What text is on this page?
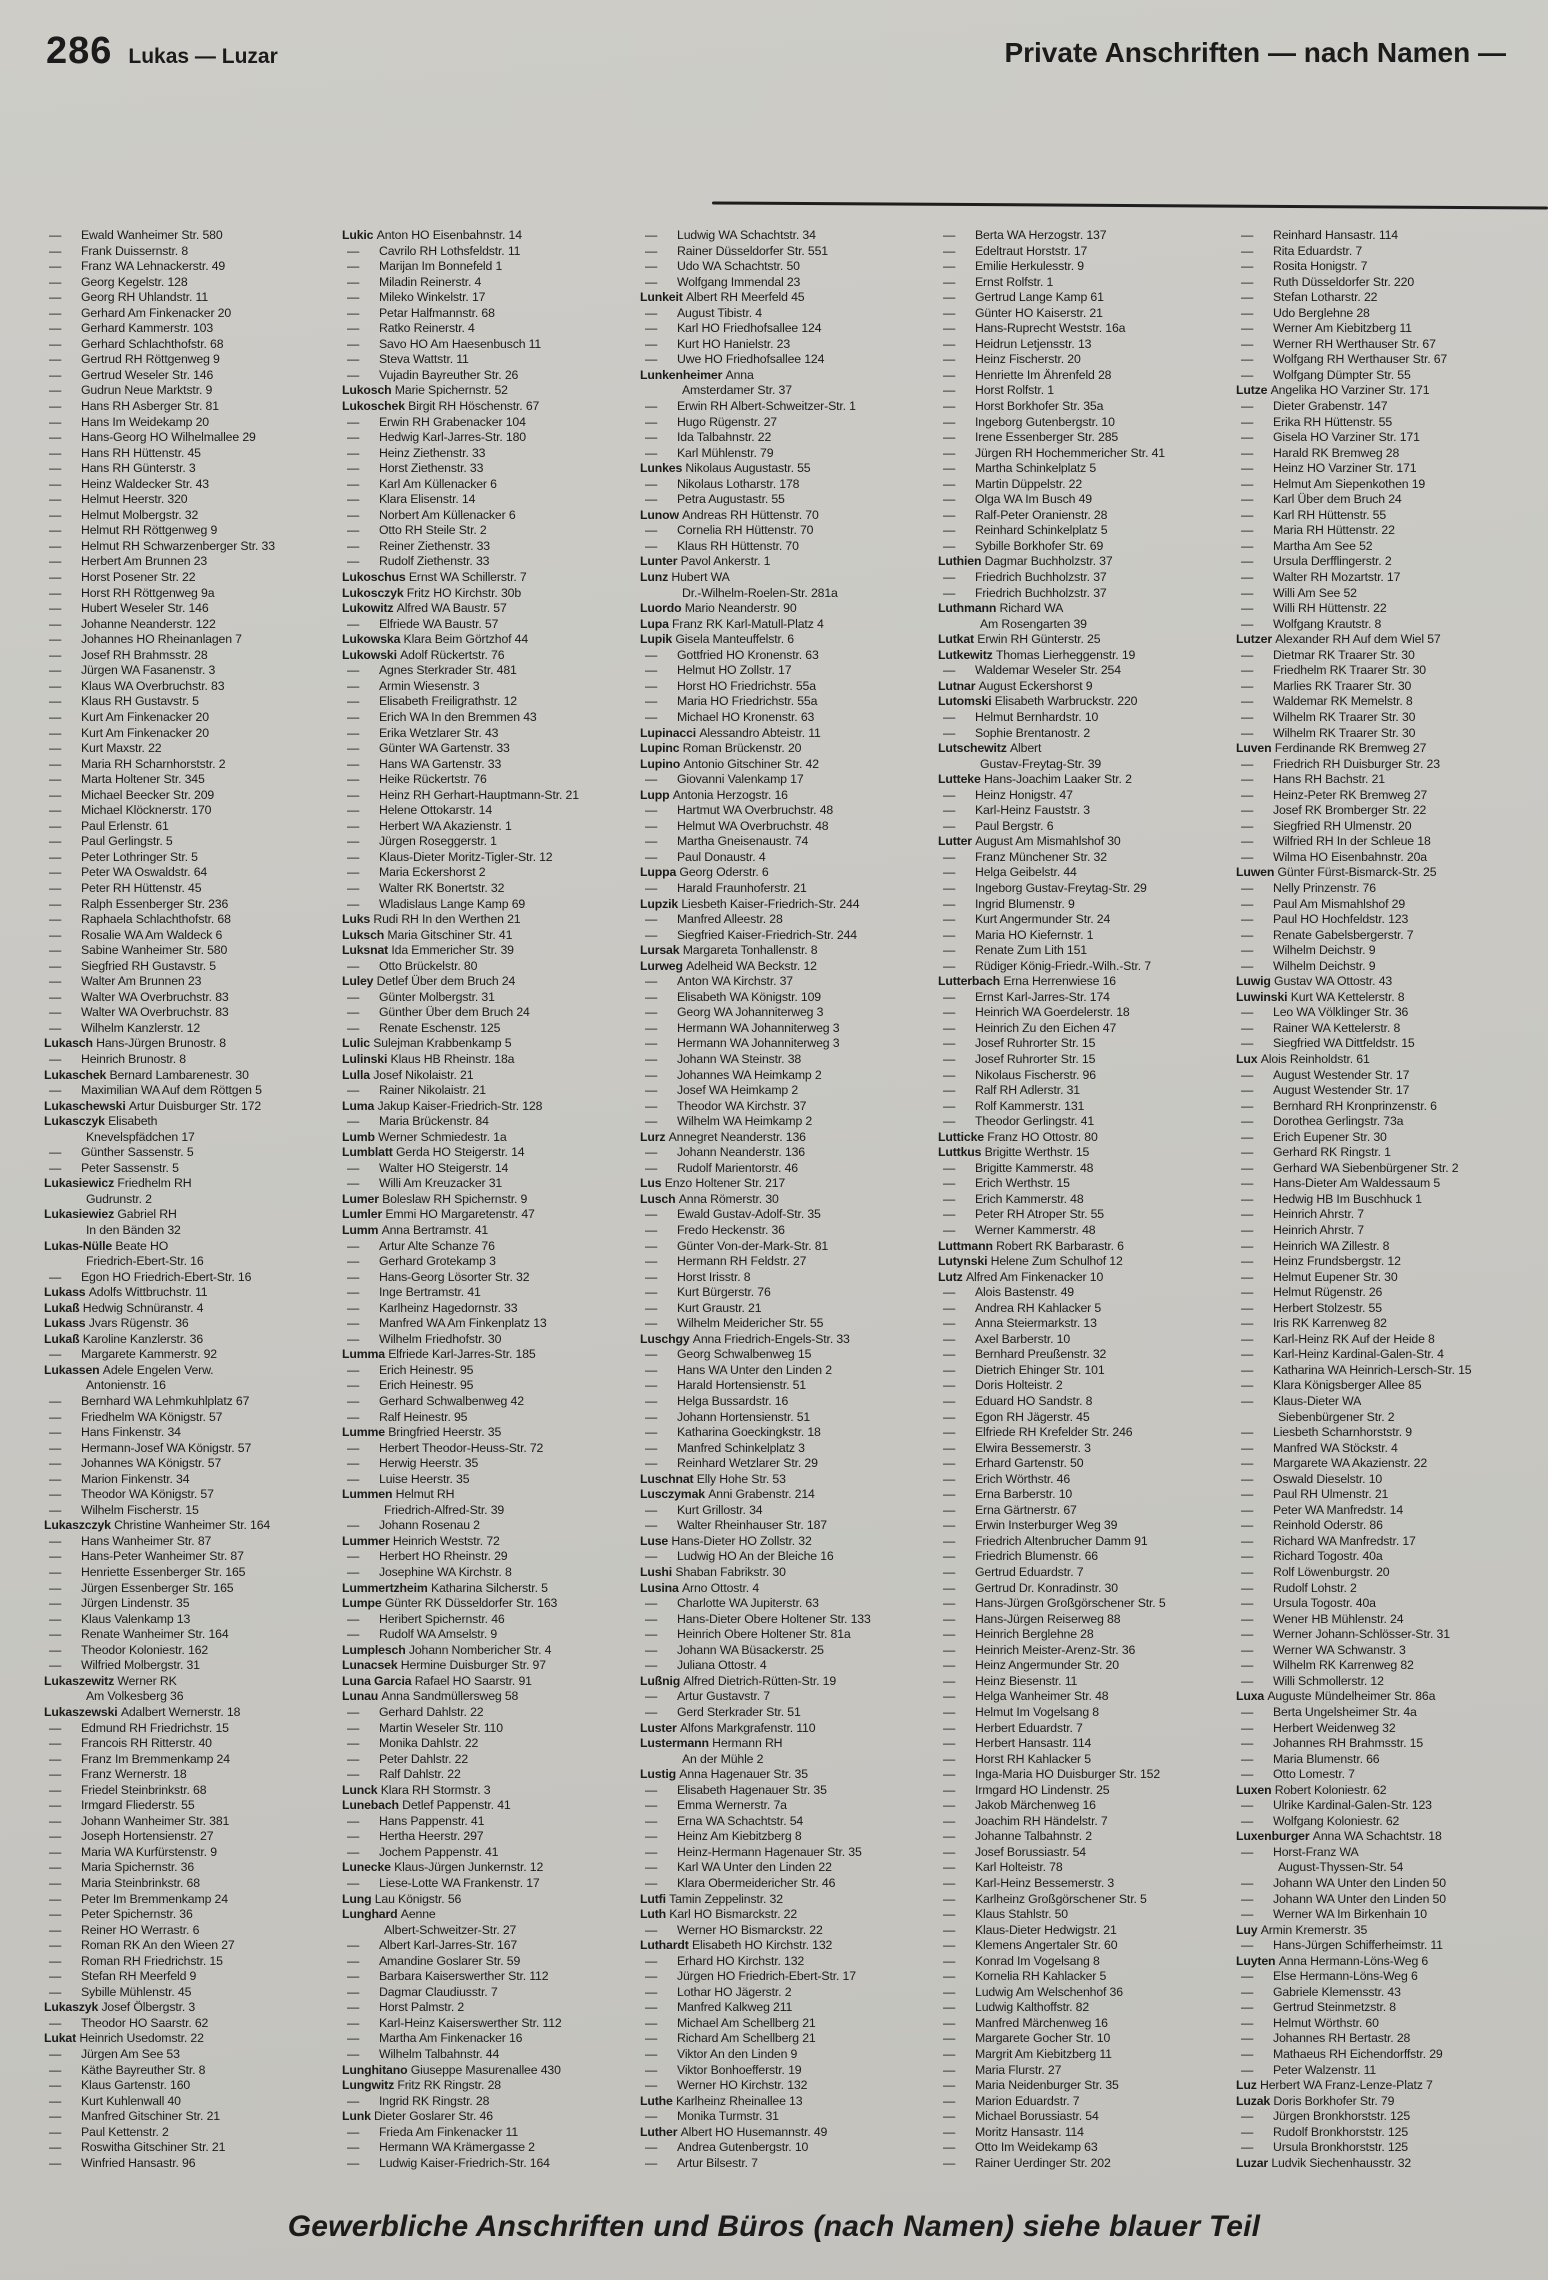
286 Lukas — Luzar	Private Anschriften — nach Namen —
— Ewald Wanheimer Str. 580
— Frank Duissernstr. 8
— Franz WA Lehnackerstr. 49
— Georg Kegelstr. 128
— Georg RH Uhlandstr. 11
— Gerhard Am Finkenacker 20
— Gerhard Kammerstr. 103
— Gerhard Schlachthofstr. 68
— Gertrud RH Röttgenweg 9
— Gertrud Weseler Str. 146
— Gudrun Neue Marktstr. 9
— Hans RH Asberger Str. 81
— Hans Im Weidekamp 20
— Hans-Georg HO Wilhelmallee 29
— Hans RH Hüttenstr. 45
— Hans RH Günterstr. 3
— Heinz Waldecker Str. 43
— Helmut Heerstr. 320
— Helmut Molbergstr. 32
— Helmut RH Röttgenweg 9
— Helmut RH Schwarzenberger Str. 33
— Herbert Am Brunnen 23
— Horst Posener Str. 22
— Horst RH Röttgenweg 9a
— Hubert Weseler Str. 146
— Johanne Neanderstr. 122
— Johannes HO Rheinanlagen 7
— Josef RH Brahmsstr. 28
— Jürgen WA Fasanenstr. 3
— Klaus WA Overbruchstr. 83
— Klaus RH Gustavstr. 5
— Kurt Am Finkenacker 20
— Kurt Am Finkenacker 20
— Kurt Maxstr. 22
— Maria RH Scharnhorststr. 2
— Marta Holtener Str. 345
— Michael Beecker Str. 209
— Michael Klöcknerstr. 170
— Paul Erlenstr. 61
— Paul Gerlingstr. 5
— Peter Lothringer Str. 5
— Peter WA Oswaldstr. 64
— Peter RH Hüttenstr. 45
— Ralph Essenberger Str. 236
— Raphaela Schlachthofstr. 68
— Rosalie WA Am Waldeck 6
— Sabine Wanheimer Str. 580
— Siegfried RH Gustavstr. 5
— Walter Am Brunnen 23
— Walter WA Overbruchstr. 83
— Walter WA Overbruchstr. 83
— Wilhelm Kanzlerstr. 12
Lukasch Hans-Jürgen Brunostr. 8
— Heinrich Brunostr. 8
Lukaschek Bernard Lambarenestr. 30
— Maximilian WA Auf dem Röttgen 5
Lukaschewski Artur Duisburger Str. 172
Lukasczyk Elisabeth
Knevelspfädchen 17
— Günther Sassenstr. 5
— Peter Sassenstr. 5
Lukasiewicz Friedhelm RH
Gudrunstr. 2
Lukasiewiez Gabriel RH
In den Bänden 32
Lukas-Nülle Beate HO
Friedrich-Ebert-Str. 16
— Egon HO Friedrich-Ebert-Str. 16
Lukass Adolfs Wittbruchstr. 11
Lukaß Hedwig Schnüranstr. 4
Lukass Jvars Rügenstr. 36
Lukaß Karoline Kanzlerstr. 36
— Margarete Kammerstr. 92
Lukassen Adele Engelen Verw.
Antonienstr. 16
— Bernhard WA Lehmkuhlplatz 67
— Friedhelm WA Königstr. 57
— Hans Finkenstr. 34
— Hermann-Josef WA Königstr. 57
— Johannes WA Königstr. 57
— Marion Finkenstr. 34
— Theodor WA Königstr. 57
— Wilhelm Fischerstr. 15
Lukaszczyk Christine Wanheimer Str. 164
— Hans Wanheimer Str. 87
— Hans-Peter Wanheimer Str. 87
— Henriette Essenberger Str. 165
— Jürgen Essenberger Str. 165
— Jürgen Lindenstr. 35
— Klaus Valenkamp 13
— Renate Wanheimer Str. 164
— Theodor Koloniestr. 162
— Wilfried Molbergstr. 31
Lukaszewitz Werner RK
Am Volkesberg 36
Lukaszewski Adalbert Wernerstr. 18
— Edmund RH Friedrichstr. 15
— Francois RH Ritterstr. 40
— Franz Im Bremmenkamp 24
— Franz Wernerstr. 18
— Friedel Steinbrinkstr. 68
— Irmgard Fliederstr. 55
— Johann Wanheimer Str. 381
— Joseph Hortensienstr. 27
— Maria WA Kurfürstenstr. 9
— Maria Spichernstr. 36
— Maria Steinbrinkstr. 68
— Peter Im Bremmenkamp 24
— Peter Spichernstr. 36
— Reiner HO Werrastr. 6
— Roman RK An den Wieen 27
— Roman RH Friedrichstr. 15
— Stefan RH Meerfeld 9
— Sybille Mühlenstr. 45
Lukaszyk Josef Ölbergstr. 3
— Theodor HO Saarstr. 62
Lukat Heinrich Usedomstr. 22
— Jürgen Am See 53
— Käthe Bayreuther Str. 8
— Klaus Gartenstr. 160
— Kurt Kuhlenwall 40
— Manfred Gitschiner Str. 21
— Paul Kettenstr. 2
— Roswitha Gitschiner Str. 21
— Winfried Hansastr. 96
Lukic Anton HO Eisenbahnstr. 14
— Cavrilo RH Lothsfeldstr. 11
— Marijan Im Bonnefeld 1
— Miladin Reinerstr. 4
— Mileko Winkelstr. 17
— Petar Halfmannstr. 68
— Ratko Reinerstr. 4
— Savo HO Am Haesenbusch 11
— Steva Wattstr. 11
— Vujadin Bayreuther Str. 26
Lukosch Marie Spichernstr. 52
Lukoschek Birgit RH Höschenstr. 67
— Erwin RH Grabenacker 104
— Hedwig Karl-Jarres-Str. 180
— Heinz Ziethenstr. 33
— Horst Ziethenstr. 33
— Karl Am Küllenacker 6
— Klara Elisenstr. 14
— Norbert Am Küllenacker 6
— Otto RH Steile Str. 2
— Reiner Ziethenstr. 33
— Rudolf Ziethenstr. 33
Lukoschus Ernst WA Schillerstr. 7
Lukosczyk Fritz HO Kirchstr. 30b
Lukowitz Alfred WA Baustr. 57
— Elfriede WA Baustr. 57
Lukowska Klara Beim Görtzhof 44
Lukowski Adolf Rückertstr. 76
— Agnes Sterkrader Str. 481
— Armin Wiesenstr. 3
— Elisabeth Freiligrathstr. 12
— Erich WA In den Bremmen 43
— Erika Wetzlarer Str. 43
— Günter WA Gartenstr. 33
— Hans WA Gartenstr. 33
— Heike Rückertstr. 76
— Heinz RH Gerhart-Hauptmann-Str. 21
— Helene Ottokarstr. 14
— Herbert WA Akazienstr. 1
— Jürgen Roseggerstr. 1
— Klaus-Dieter Moritz-Tigler-Str. 12
— Maria Eckershorst 2
— Walter RK Bonertstr. 32
— Wladislaus Lange Kamp 69
Luks Rudi RH In den Werthen 21
Luksch Maria Gitschiner Str. 41
Luksnat Ida Emmericher Str. 39
— Otto Brückelstr. 80
Luley Detlef Über dem Bruch 24
— Günter Molbergstr. 31
— Günther Über dem Bruch 24
— Renate Eschenstr. 125
Lulic Sulejman Krabbenkamp 5
Lulinski Klaus HB Rheinstr. 18a
Lulla Josef Nikolaistr. 21
— Rainer Nikolaistr. 21
Luma Jakup Kaiser-Friedrich-Str. 128
— Maria Brückenstr. 84
Lumb Werner Schmiedestr. 1a
Lumblatt Gerda HO Steigerstr. 14
— Walter HO Steigerstr. 14
— Willi Am Kreuzacker 31
Lumer Boleslaw RH Spichernstr. 9
Lumler Emmi HO Margaretenstr. 47
Lumm Anna Bertramstr. 41
— Artur Alte Schanze 76
— Gerhard Grotekamp 3
— Hans-Georg Lösorter Str. 32
— Inge Bertramstr. 41
— Karlheinz Hagedornstr. 33
— Manfred WA Am Finkenplatz 13
— Wilhelm Friedhofstr. 30
Lumma Elfriede Karl-Jarres-Str. 185
— Erich Heinestr. 95
— Erich Heinestr. 95
— Gerhard Schwalbenweg 42
— Ralf Heinestr. 95
Lumme Bringfried Heerstr. 35
— Herbert Theodor-Heuss-Str. 72
— Herwig Heerstr. 35
— Luise Heerstr. 35
Lummen Helmut RH
Friedrich-Alfred-Str. 39
— Johann Rosenau 2
Lummer Heinrich Weststr. 72
— Herbert HO Rheinstr. 29
— Josephine WA Kirchstr. 8
Lummertzheim Katharina Silcherstr. 5
Lumpe Günter RK Düsseldorfer Str. 163
— Heribert Spichernstr. 46
— Rudolf WA Amselstr. 9
Lumplesch Johann Nombericher Str. 4
Lunacsek Hermine Duisburger Str. 97
Luna Garcia Rafael HO Saarstr. 91
Lunau Anna Sandmüllersweg 58
— Gerhard Dahlstr. 22
— Martin Weseler Str. 110
— Monika Dahlstr. 22
— Peter Dahlstr. 22
— Ralf Dahlstr. 22
Lunck Klara RH Stormstr. 3
Lunebach Detlef Pappenstr. 41
— Hans Pappenstr. 41
— Hertha Heerstr. 297
— Jochem Pappenstr. 41
Lunecke Klaus-Jürgen Junkernstr. 12
— Liese-Lotte WA Frankenstr. 17
Lung Lau Königstr. 56
Lunghard Aenne
Albert-Schweitzer-Str. 27
— Albert Karl-Jarres-Str. 167
— Amandine Goslarer Str. 59
— Barbara Kaiserswerther Str. 112
— Dagmar Claudiusstr. 7
— Horst Palmstr. 2
— Karl-Heinz Kaiserswerther Str. 112
— Martha Am Finkenacker 16
— Wilhelm Talbahnstr. 44
Lunghitano Giuseppe Masurenallee 430
Lungwitz Fritz RK Ringstr. 28
— Ingrid RK Ringstr. 28
Lunk Dieter Goslarer Str. 46
— Frieda Am Finkenacker 11
— Hermann WA Krämergasse 2
— Ludwig Kaiser-Friedrich-Str. 164
— Ludwig WA Schachtstr. 34
— Rainer Düsseldorfer Str. 551
— Udo WA Schachtstr. 50
— Wolfgang Immendal 23
Lunkeit Albert RH Meerfeld 45
— August Tibistr. 4
— Karl HO Friedhofsallee 124
— Kurt HO Hanielstr. 23
— Uwe HO Friedhofsallee 124
Lunkenheimer Anna
Amsterdamer Str. 37
— Erwin RH Albert-Schweitzer-Str. 1
— Hugo Rügenstr. 27
— Ida Talbahnstr. 22
— Karl Mühlenstr. 79
Lunkes Nikolaus Augustastr. 55
— Nikolaus Lotharstr. 178
— Petra Augustastr. 55
Lunow Andreas RH Hüttenstr. 70
— Cornelia RH Hüttenstr. 70
— Klaus RH Hüttenstr. 70
Lunter Pavol Ankerstr. 1
Lunz Hubert WA
Dr.-Wilhelm-Roelen-Str. 281a
Luordo Mario Neanderstr. 90
Lupa Franz RK Karl-Matull-Platz 4
Lupik Gisela Manteuffelstr. 6
— Gottfried HO Kronenstr. 63
— Helmut HO Zollstr. 17
— Horst HO Friedrichstr. 55a
— Maria HO Friedrichstr. 55a
— Michael HO Kronenstr. 63
Lupinacci Alessandro Abteistr. 11
Lupinc Roman Brückenstr. 20
Lupino Antonio Gitschiner Str. 42
— Giovanni Valenkamp 17
Lupp Antonia Herzogstr. 16
— Hartmut WA Overbruchstr. 48
— Helmut WA Overbruchstr. 48
— Martha Gneisenaustr. 74
— Paul Donaustr. 4
Luppa Georg Oderstr. 6
— Harald Fraunhoferstr. 21
Lupzik Liesbeth Kaiser-Friedrich-Str. 244
— Manfred Alleestr. 28
— Siegfried Kaiser-Friedrich-Str. 244
Lursak Margareta Tonhallenstr. 8
Lurweg Adelheid WA Beckstr. 12
— Anton WA Kirchstr. 37
— Elisabeth WA Königstr. 109
— Georg WA Johanniterweg 3
— Hermann WA Johanniterweg 3
— Hermann WA Johanniterweg 3
— Johann WA Steinstr. 38
— Johannes WA Heimkamp 2
— Josef WA Heimkamp 2
— Theodor WA Kirchstr. 37
— Wilhelm WA Heimkamp 2
Lurz Annegret Neanderstr. 136
— Johann Neanderstr. 136
— Rudolf Marientorstr. 46
Lus Enzo Holtener Str. 217
Lusch Anna Römerstr. 30
— Ewald Gustav-Adolf-Str. 35
— Fredo Heckenstr. 36
— Günter Von-der-Mark-Str. 81
— Hermann RH Feldstr. 27
— Horst Irisstr. 8
— Kurt Bürgerstr. 76
— Kurt Graustr. 21
— Wilhelm Meidericher Str. 55
Luschgy Anna Friedrich-Engels-Str. 33
— Georg Schwalbenweg 15
— Hans WA Unter den Linden 2
— Harald Hortensienstr. 51
— Helga Bussardstr. 16
— Johann Hortensienstr. 51
— Katharina Goeckingkstr. 18
— Manfred Schinkelplatz 3
— Reinhard Wetzlarer Str. 29
Luschnat Elly Hohe Str. 53
Lusczymak Anni Grabenstr. 214
— Kurt Grillostr. 34
— Walter Rheinhauser Str. 187
Luse Hans-Dieter HO Zollstr. 32
— Ludwig HO An der Bleiche 16
Lushi Shaban Fabrikstr. 30
Lusina Arno Ottostr. 4
— Charlotte WA Jupiterstr. 63
— Hans-Dieter Obere Holtener Str. 133
— Heinrich Obere Holtener Str. 81a
— Johann WA Büsackerstr. 25
— Juliana Ottostr. 4
Lußnig Alfred Dietrich-Rütten-Str. 19
— Artur Gustavstr. 7
— Gerd Sterkrader Str. 51
Luster Alfons Markgrafenstr. 110
Lustermann Hermann RH
An der Mühle 2
Lustig Anna Hagenauer Str. 35
— Elisabeth Hagenauer Str. 35
— Emma Wernerstr. 7a
— Erna WA Schachtstr. 54
— Heinz Am Kiebitzberg 8
— Heinz-Hermann Hagenauer Str. 35
— Karl WA Unter den Linden 22
— Klara Obermeidericher Str. 46
Lutfi Tamin Zeppelinstr. 32
Luth Karl HO Bismarckstr. 22
— Werner HO Bismarckstr. 22
Luthardt Elisabeth HO Kirchstr. 132
— Erhard HO Kirchstr. 132
— Jürgen HO Friedrich-Ebert-Str. 17
— Lothar HO Jägerstr. 2
— Manfred Kalkweg 211
— Michael Am Schellberg 21
— Richard Am Schellberg 21
— Viktor An den Linden 9
— Viktor Bonhoefferstr. 19
— Werner HO Kirchstr. 132
Luthe Karlheinz Rheinallee 13
— Monika Turmstr. 31
Luther Albert HO Husemannstr. 49
— Andrea Gutenbergstr. 10
— Artur Bilsestr. 7
— Berta WA Herzogstr. 137
— Edeltraut Horststr. 17
— Emilie Herkulesstr. 9
— Ernst Rolfstr. 1
— Gertrud Lange Kamp 61
— Günter HO Kaiserstr. 21
— Hans-Ruprecht Weststr. 16a
— Heidrun Letjensstr. 13
— Heinz Fischerstr. 20
— Henriette Im Ährenfeld 28
— Horst Rolfstr. 1
— Horst Borkhofer Str. 35a
— Ingeborg Gutenbergstr. 10
— Irene Essenberger Str. 285
— Jürgen RH Hochemmericher Str. 41
— Martha Schinkelplatz 5
— Martin Düppelstr. 22
— Olga WA Im Busch 49
— Ralf-Peter Oranienstr. 28
— Reinhard Schinkelplatz 5
— Sybille Borkhofer Str. 69
Luthien Dagmar Buchholzstr. 37
— Friedrich Buchholzstr. 37
— Friedrich Buchholzstr. 37
Luthmann Richard WA
Am Rosengarten 39
Lutkat Erwin RH Günterstr. 25
Lutkewitz Thomas Lierheggenstr. 19
— Waldemar Weseler Str. 254
Lutnar August Eckershorst 9
Lutomski Elisabeth Warbruckstr. 220
— Helmut Bernhardstr. 10
— Sophie Brentanostr. 2
Lutschewitz Albert
Gustav-Freytag-Str. 39
Lutteke Hans-Joachim Laaker Str. 2
— Heinz Honigstr. 47
— Karl-Heinz Fauststr. 3
— Paul Bergstr. 6
Lutter August Am Mismahlshof 30
— Franz Münchener Str. 32
— Helga Geibelstr. 44
— Ingeborg Gustav-Freytag-Str. 29
— Ingrid Blumenstr. 9
— Kurt Angermunder Str. 24
— Maria HO Kiefernstr. 1
— Renate Zum Lith 151
— Rüdiger König-Friedr.-Wilh.-Str. 7
Lutterbach Erna Herrenwiese 16
— Ernst Karl-Jarres-Str. 174
— Heinrich WA Goerdelerstr. 18
— Heinrich Zu den Eichen 47
— Josef Ruhrorter Str. 15
— Josef Ruhrorter Str. 15
— Nikolaus Fischerstr. 96
— Ralf RH Adlerstr. 31
— Rolf Kammerstr. 131
— Theodor Gerlingstr. 41
Lutticke Franz HO Ottostr. 80
Luttkus Brigitte Werthstr. 15
— Brigitte Kammerstr. 48
— Erich Werthstr. 15
— Erich Kammerstr. 48
— Peter RH Atroper Str. 55
— Werner Kammerstr. 48
Luttmann Robert RK Barbarastr. 6
Lutynski Helene Zum Schulhof 12
Lutz Alfred Am Finkenacker 10
— Alois Bastenstr. 49
— Andrea RH Kahlacker 5
— Anna Steiermarkstr. 13
— Axel Barberstr. 10
— Bernhard Preußenstr. 32
— Dietrich Ehinger Str. 101
— Doris Holteistr. 2
— Eduard HO Sandstr. 8
— Egon RH Jägerstr. 45
— Elfriede RH Krefelder Str. 246
— Elwira Bessemerstr. 3
— Erhard Gartenstr. 50
— Erich Wörthstr. 46
— Erna Barberstr. 10
— Erna Gärtnerstr. 67
— Erwin Insterburger Weg 39
— Friedrich Altenbrucher Damm 91
— Friedrich Blumenstr. 66
— Gertrud Eduardstr. 7
— Gertrud Dr. Konradinstr. 30
— Hans-Jürgen Großgörschener Str. 5
— Hans-Jürgen Reiserweg 88
— Heinrich Berglehne 28
— Heinrich Meister-Arenz-Str. 36
— Heinz Angermunder Str. 20
— Heinz Biesenstr. 11
— Helga Wanheimer Str. 48
— Helmut Im Vogelsang 8
— Herbert Eduardstr. 7
— Herbert Hansastr. 114
— Horst RH Kahlacker 5
— Inga-Maria HO Duisburger Str. 152
— Irmgard HO Lindenstr. 25
— Jakob Märchenweg 16
— Joachim RH Händelstr. 7
— Johanne Talbahnstr. 2
— Josef Borussiastr. 54
— Karl Holteistr. 78
— Karl-Heinz Bessemerstr. 3
— Karlheinz Großgörschener Str. 5
— Klaus Stahlstr. 50
— Klaus-Dieter Hedwigstr. 21
— Klemens Angertaler Str. 60
— Konrad Im Vogelsang 8
— Kornelia RH Kahlacker 5
— Ludwig Am Welschenhof 36
— Ludwig Kalthoffstr. 82
— Manfred Märchenweg 16
— Margarete Gocher Str. 10
— Margrit Am Kiebitzberg 11
— Maria Flurstr. 27
— Maria Neidenburger Str. 35
— Marion Eduardstr. 7
— Michael Borussiastr. 54
— Moritz Hansastr. 114
— Otto Im Weidekamp 63
— Rainer Uerdinger Str. 202
— Reinhard Hansastr. 114
— Rita Eduardstr. 7
— Rosita Honigstr. 7
— Ruth Düsseldorfer Str. 220
— Stefan Lotharstr. 22
— Udo Berglehne 28
— Werner Am Kiebitzberg 11
— Werner RH Werthauser Str. 67
— Wolfgang RH Werthauser Str. 67
— Wolfgang Dümpter Str. 55
Lutze Angelika HO Varziner Str. 171
— Dieter Grabenstr. 147
— Erika RH Hüttenstr. 55
— Gisela HO Varziner Str. 171
— Harald RK Bremweg 28
— Heinz HO Varziner Str. 171
— Helmut Am Siepenkothen 19
— Karl Über dem Bruch 24
— Karl RH Hüttenstr. 55
— Maria RH Hüttenstr. 22
— Martha Am See 52
— Ursula Derfflingerstr. 2
— Walter RH Mozartstr. 17
— Willi Am See 52
— Willi RH Hüttenstr. 22
— Wolfgang Krautstr. 8
Lutzer Alexander RH Auf dem Wiel 57
— Dietmar RK Traarer Str. 30
— Friedhelm RK Traarer Str. 30
— Marlies RK Traarer Str. 30
— Waldemar RK Memelstr. 8
— Wilhelm RK Traarer Str. 30
— Wilhelm RK Traarer Str. 30
Luven Ferdinande RK Bremweg 27
— Friedrich RH Duisburger Str. 23
— Hans RH Bachstr. 21
— Heinz-Peter RK Bremweg 27
— Josef RK Bromberger Str. 22
— Siegfried RH Ulmenstr. 20
— Wilfried RH In der Schleue 18
— Wilma HO Eisenbahnstr. 20a
Luwen Günter Fürst-Bismarck-Str. 25
— Nelly Prinzenstr. 76
— Paul Am Mismahlshof 29
— Paul HO Hochfeldstr. 123
— Renate Gabelsbergerstr. 7
— Wilhelm Deichstr. 9
— Wilhelm Deichstr. 9
Luwig Gustav WA Ottostr. 43
Luwinski Kurt WA Kettelerstr. 8
— Leo WA Völklinger Str. 36
— Rainer WA Kettelerstr. 8
— Siegfried WA Dittfeldstr. 15
Lux Alois Reinholdstr. 61
— August Westender Str. 17
— August Westender Str. 17
— Bernhard RH Kronprinzenstr. 6
— Dorothea Gerlingstr. 73a
— Erich Eupener Str. 30
— Gerhard RK Ringstr. 1
— Gerhard WA Siebenbürgener Str. 2
— Hans-Dieter Am Waldessaum 5
— Hedwig HB Im Buschhuck 1
— Heinrich Ahrstr. 7
— Heinrich Ahrstr. 7
— Heinrich WA Zillestr. 8
— Heinz Frundsbergstr. 12
— Helmut Eupener Str. 30
— Helmut Rügenstr. 26
— Herbert Stolzestr. 55
— Iris RK Karrenweg 82
— Karl-Heinz RK Auf der Heide 8
— Karl-Heinz Kardinal-Galen-Str. 4
— Katharina WA Heinrich-Lersch-Str. 15
— Klara Königsberger Allee 85
— Klaus-Dieter WA
Siebenbürgener Str. 2
— Liesbeth Scharnhorststr. 9
— Manfred WA Stöckstr. 4
— Margarete WA Akazienstr. 22
— Oswald Dieselstr. 10
— Paul RH Ulmenstr. 21
— Peter WA Manfredstr. 14
— Reinhold Oderstr. 86
— Richard WA Manfredstr. 17
— Richard Togostr. 40a
— Rolf Löwenburgstr. 20
— Rudolf Lohstr. 2
— Ursula Togostr. 40a
— Wener HB Mühlenstr. 24
— Werner Johann-Schlösser-Str. 31
— Werner WA Schwanstr. 3
— Wilhelm RK Karrenweg 82
— Willi Schmollerstr. 12
Luxa Auguste Mündelheimer Str. 86a
— Berta Ungelsheimer Str. 4a
— Herbert Weidenweg 32
— Johannes RH Brahmsstr. 15
— Maria Blumenstr. 66
— Otto Lomestr. 7
Luxen Robert Koloniestr. 62
— Ulrike Kardinal-Galen-Str. 123
— Wolfgang Koloniestr. 62
Luxenburger Anna WA Schachtstr. 18
— Horst-Franz WA
August-Thyssen-Str. 54
— Johann WA Unter den Linden 50
— Johann WA Unter den Linden 50
— Werner WA Im Birkenhain 10
Luy Armin Kremerstr. 35
— Hans-Jürgen Schifferheimstr. 11
Luyten Anna Hermann-Löns-Weg 6
— Else Hermann-Löns-Weg 6
— Gabriele Klemensstr. 43
— Gertrud Steinmetzstr. 8
— Helmut Wörthstr. 60
— Johannes RH Bertastr. 28
— Mathaeus RH Eichendorffstr. 29
— Peter Walzenstr. 11
Luz Herbert WA Franz-Lenze-Platz 7
Luzak Doris Borkhofer Str. 79
— Jürgen Bronkhorststr. 125
— Rudolf Bronkhorststr. 125
— Ursula Bronkhorststr. 125
Luzar Ludvik Siechenhausstr. 32
Gewerbliche Anschriften und Büros (nach Namen) siehe blauer Teil
